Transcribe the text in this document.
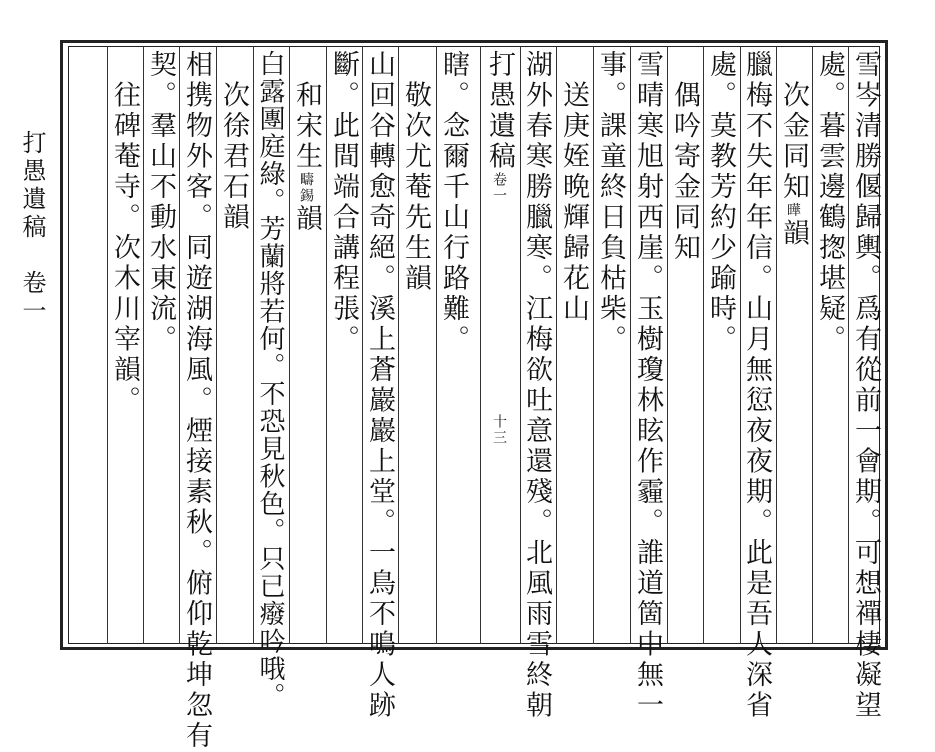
打愚遺稿　卷一	雪岑清勝偃歸輿。爲有從前一會期。可想禪棲凝望
處。暮雲邊鶴揔堪疑。
　次金同知曄韻
臘梅不失年年信。山月無愆夜夜期。此是吾人深省
處。莫教芳約少踰時。
　偶吟寄金同知
雪晴寒旭射西崖。玉樹瓊林眩作霾。誰道箇中無一
事。課童終日負枯柴。
　送庚姪晩輝歸花山
湖外春寒勝臘寒。江梅欲吐意還殘。北風雨雪終朝
打愚遺稿卷一十三
瞎。念爾千山行路難。
　敬次尤菴先生韻
山回谷轉愈奇絕。溪上蒼巖巖上堂。一鳥不鳴人跡
斷。此間端合講程張。
　和宋生疇錫韻
白露團庭綠。芳蘭將若何。不恐見秋色。只已癈吟哦。
　次徐君石韻
相携物外客。同遊湖海風。煙接素秋。俯仰乾坤忽有
契。羣山不動水東流。
　往碑菴寺。次木川宰韻。
